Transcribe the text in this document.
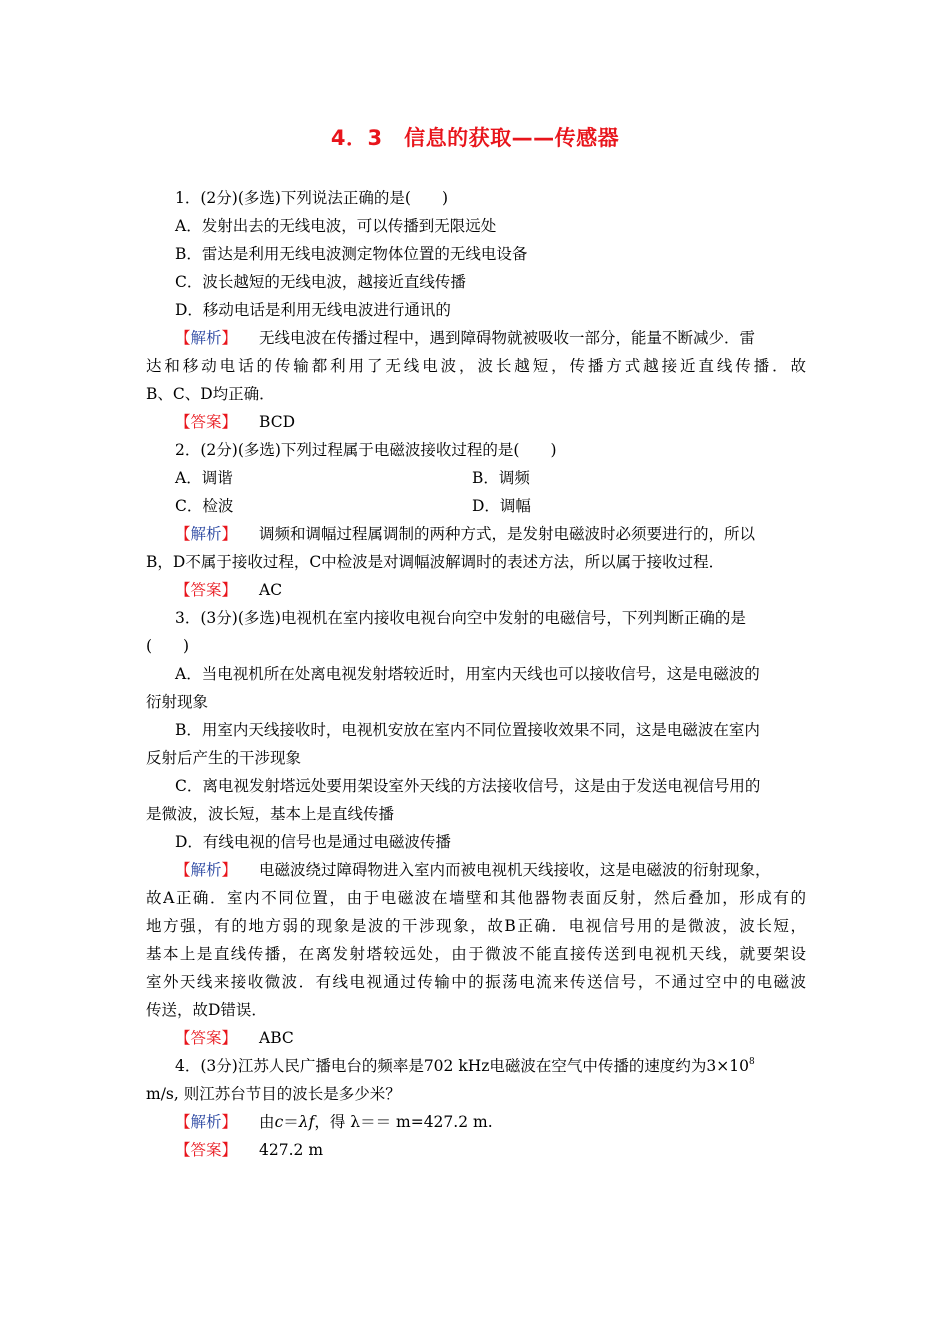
4．3　信息的获取——传感器
1．(2分)(多选)下列说法正确的是(　　)
A．发射出去的无线电波，可以传播到无限远处
B．雷达是利用无线电波测定物体位置的无线电设备
C．波长越短的无线电波，越接近直线传播
D．移动电话是利用无线电波进行通讯的
【解析】 无线电波在传播过程中，遇到障碍物就被吸收一部分，能量不断减少．雷
达和移动电话的传输都利用了无线电波，波长越短，传播方式越接近直线传播．故
B、C、D均正确．
【答案】 BCD
2．(2分)(多选)下列过程属于电磁波接收过程的是(　　)
A．调谐	B．调频
C．检波	D．调幅
【解析】 调频和调幅过程属调制的两种方式，是发射电磁波时必须要进行的，所以
B，D不属于接收过程，C中检波是对调幅波解调时的表述方法，所以属于接收过程．
【答案】 AC
3．(3分)(多选)电视机在室内接收电视台向空中发射的电磁信号，下列判断正确的是
(　　)
A．当电视机所在处离电视发射塔较近时，用室内天线也可以接收信号，这是电磁波的
衍射现象
B．用室内天线接收时，电视机安放在室内不同位置接收效果不同，这是电磁波在室内
反射后产生的干涉现象
C．离电视发射塔远处要用架设室外天线的方法接收信号，这是由于发送电视信号用的
是微波，波长短，基本上是直线传播
D．有线电视的信号也是通过电磁波传播
【解析】 电磁波绕过障碍物进入室内而被电视机天线接收，这是电磁波的衍射现象，
故A正确．室内不同位置，由于电磁波在墙壁和其他器物表面反射，然后叠加，形成有的
地方强，有的地方弱的现象是波的干涉现象，故B正确．电视信号用的是微波，波长短，
基本上是直线传播，在离发射塔较远处，由于微波不能直接传送到电视机天线，就要架设
室外天线来接收微波．有线电视通过传输中的振荡电流来传送信号，不通过空中的电磁波
传送，故D错误．
【答案】 ABC
4．(3分)江苏人民广播电台的频率是702 kHz电磁波在空气中传播的速度约为$3\times 10^8$
m/s, 则江苏台节目的波长是多少米？
【解析】 由c＝λf，得 λ＝＝ m=427.2 m.
【答案】 427.2 m
